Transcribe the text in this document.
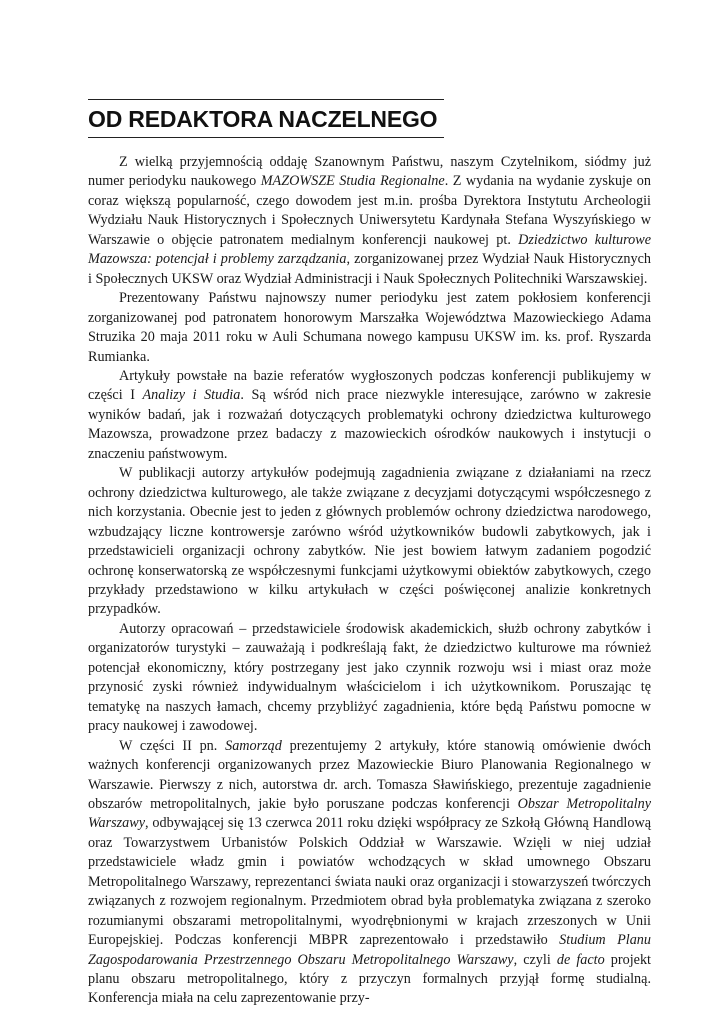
OD REDAKTORA NACZELNEGO

Z wielką przyjemnością oddaję Szanownym Państwu, naszym Czytelnikom, siódmy już numer periodyku naukowego MAZOWSZE Studia Regionalne. Z wydania na wydanie zyskuje on coraz większą popularność, czego dowodem jest m.in. prośba Dyrektora Instytutu Archeologii Wydziału Nauk Historycznych i Społecznych Uniwersytetu Kardynała Stefana Wyszyńskiego w Warszawie o objęcie patronatem medialnym konferencji naukowej pt. Dziedzictwo kulturowe Mazowsza: potencjał i problemy zarządzania, zorganizowanej przez Wydział Nauk Historycznych i Społecznych UKSW oraz Wydział Administracji i Nauk Społecznych Politechniki Warszawskiej.

Prezentowany Państwu najnowszy numer periodyku jest zatem pokłosiem konferencji zorganizowanej pod patronatem honorowym Marszałka Województwa Mazowieckiego Adama Struzika 20 maja 2011 roku w Auli Schumana nowego kampusu UKSW im. ks. prof. Ryszarda Rumianka.

Artykuły powstałe na bazie referatów wygłoszonych podczas konferencji publikujemy w części I Analizy i Studia. Są wśród nich prace niezwykle interesujące, zarówno w zakresie wyników badań, jak i rozważań dotyczących problematyki ochrony dziedzictwa kulturowego Mazowsza, prowadzone przez badaczy z mazowieckich ośrodków naukowych i instytucji o znaczeniu państwowym.

W publikacji autorzy artykułów podejmują zagadnienia związane z działaniami na rzecz ochrony dziedzictwa kulturowego, ale także związane z decyzjami dotyczącymi współczesnego z nich korzystania. Obecnie jest to jeden z głównych problemów ochrony dziedzictwa narodowego, wzbudzający liczne kontrowersje zarówno wśród użytkowników budowli zabytkowych, jak i przedstawicieli organizacji ochrony zabytków. Nie jest bowiem łatwym zadaniem pogodzić ochronę konserwatorską ze współczesnymi funkcjami użytkowymi obiektów zabytkowych, czego przykłady przedstawiono w kilku artykułach w części poświęconej analizie konkretnych przypadków.

Autorzy opracowań – przedstawiciele środowisk akademickich, służb ochrony zabytków i organizatorów turystyki – zauważają i podkreślają fakt, że dziedzictwo kulturowe ma również potencjał ekonomiczny, który postrzegany jest jako czynnik rozwoju wsi i miast oraz może przynosić zyski również indywidualnym właścicielom i ich użytkownikom. Poruszając tę tematykę na naszych łamach, chcemy przybliżyć zagadnienia, które będą Państwu pomocne w pracy naukowej i zawodowej.

W części II pn. Samorząd prezentujemy 2 artykuły, które stanowią omówienie dwóch ważnych konferencji organizowanych przez Mazowieckie Biuro Planowania Regionalnego w Warszawie. Pierwszy z nich, autorstwa dr. arch. Tomasza Sławińskiego, prezentuje zagadnienie obszarów metropolitalnych, jakie było poruszane podczas konferencji Obszar Metropolitalny Warszawy, odbywającej się 13 czerwca 2011 roku dzięki współpracy ze Szkołą Główną Handlową oraz Towarzystwem Urbanistów Polskich Oddział w Warszawie. Wzięli w niej udział przedstawiciele władz gmin i powiatów wchodzących w skład umownego Obszaru Metropolitalnego Warszawy, reprezentanci świata nauki oraz organizacji i stowarzyszeń twórczych związanych z rozwojem regionalnym. Przedmiotem obrad była problematyka związana z szeroko rozumianymi obszarami metropolitalnymi, wyodrębnionymi w krajach zrzeszonych w Unii Europejskiej. Podczas konferencji MBPR zaprezentowało i przedstawiło Studium Planu Zagospodarowania Przestrzennego Obszaru Metropolitalnego Warszawy, czyli de facto projekt planu obszaru metropolitalnego, który z przyczyn formalnych przyjął formę studialną. Konferencja miała na celu zaprezentowanie przy-
